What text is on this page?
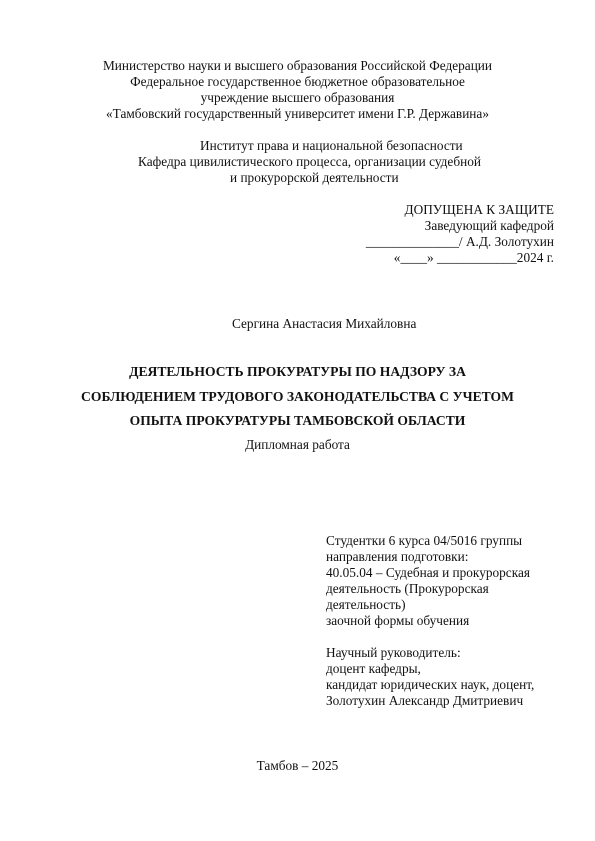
Министерство науки и высшего образования Российской Федерации
Федеральное государственное бюджетное образовательное
учреждение высшего образования
«Тамбовский государственный университет имени Г.Р. Державина»
Институт права и национальной безопасности
Кафедра цивилистического процесса, организации судебной
и прокурорской деятельности
ДОПУЩЕНА К ЗАЩИТЕ
Заведующий кафедрой
______________/ А.Д. Золотухин
«____» ____________2024 г.
Сергина Анастасия Михайловна
ДЕЯТЕЛЬНОСТЬ ПРОКУРАТУРЫ ПО НАДЗОРУ ЗА
СОБЛЮДЕНИЕМ ТРУДОВОГО ЗАКОНОДАТЕЛЬСТВА С УЧЕТОМ
ОПЫТА ПРОКУРАТУРЫ ТАМБОВСКОЙ ОБЛАСТИ
Дипломная работа
Студентки 6 курса 04/5016 группы
направления подготовки:
40.05.04 – Судебная и прокурорская
деятельность (Прокурорская
деятельность)
заочной формы обучения
Научный руководитель:
доцент кафедры,
кандидат юридических наук, доцент,
Золотухин Александр Дмитриевич
Тамбов – 2025
